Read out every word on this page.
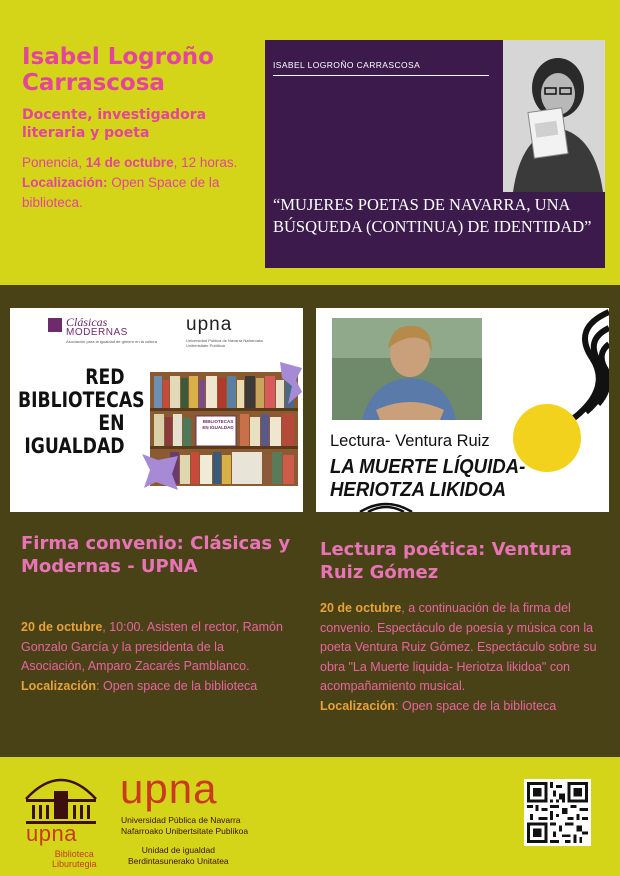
Isabel Logroño Carrascosa
Docente, investigadora literaria y poeta
Ponencia, 14 de octubre, 12 horas.
Localización: Open Space de la biblioteca.
ISABEL LOGROÑO CARRASCOSA
“MUJERES POETAS DE NAVARRA, UNA BÚSQUEDA (CONTINUA) DE IDENTIDAD”
Clásicas
MODERNAS
Asociación para la igualdad de género en la cultura
upna
Universidad Pública de Navarra Nafarroako Unibertsitate Publikoa
RED BIBLIOTECAS EN IGUALDAD
BIBLIOTECAS EN IGUALDAD
Lectura- Ventura Ruiz
LA MUERTE LÍQUIDA-
HERIOTZA LIKIDOA
Firma convenio: Clásicas y Modernas - UPNA
20 de octubre, 10:00. Asisten el rector, Ramón Gonzalo García y la presidenta de la Asociación, Amparo Zacarés Pamblanco.
Localización: Open space de la biblioteca
Lectura poética: Ventura Ruiz Gómez
20 de octubre, a continuación de la firma del convenio. Espectáculo de poesía y música con la poeta Ventura Ruiz Gómez. Espectáculo sobre su obra "La Muerte liquida- Heriotza likidoa" con acompañamiento musical.
Localización: Open space de la biblioteca
upna
Biblioteca
Liburutegia
upna
Universidad Pública de Navarra
Nafarroako Unibertsitate Publikoa
Unidad de igualdad
Berdintasunerako Unitatea
